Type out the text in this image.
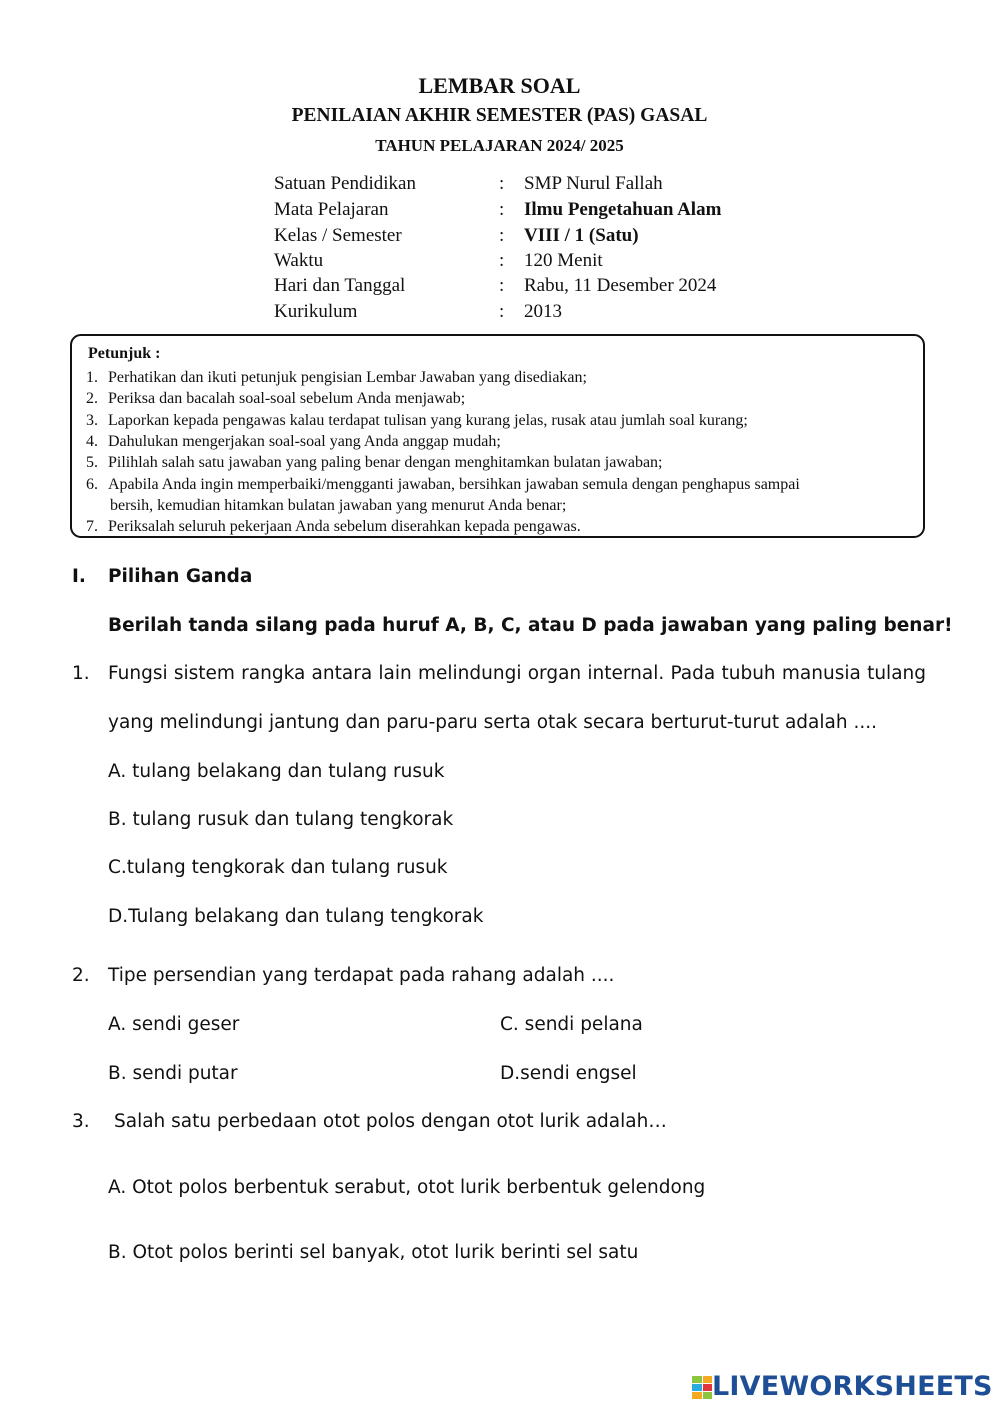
LEMBAR SOAL
PENILAIAN AKHIR SEMESTER (PAS) GASAL
TAHUN PELAJARAN 2024/ 2025
Satuan Pendidikan	: SMP Nurul Fallah
Mata Pelajaran	: Ilmu Pengetahuan Alam
Kelas / Semester	: VIII / 1 (Satu)
Waktu	: 120 Menit
Hari dan Tanggal	: Rabu, 11 Desember 2024
Kurikulum	: 2013
Petunjuk :
1. Perhatikan dan ikuti petunjuk pengisian Lembar Jawaban yang disediakan;
2. Periksa dan bacalah soal-soal sebelum Anda menjawab;
3. Laporkan kepada pengawas kalau terdapat tulisan yang kurang jelas, rusak atau jumlah soal kurang;
4. Dahulukan mengerjakan soal-soal yang Anda anggap mudah;
5. Pilihlah salah satu jawaban yang paling benar dengan menghitamkan bulatan jawaban;
6. Apabila Anda ingin memperbaiki/mengganti jawaban, bersihkan jawaban semula dengan penghapus sampai
bersih, kemudian hitamkan bulatan jawaban yang menurut Anda benar;
7. Periksalah seluruh pekerjaan Anda sebelum diserahkan kepada pengawas.
I. Pilihan Ganda
Berilah tanda silang pada huruf A, B, C, atau D pada jawaban yang paling benar!
1. Fungsi sistem rangka antara lain melindungi organ internal. Pada tubuh manusia tulang
yang melindungi jantung dan paru-paru serta otak secara berturut-turut adalah ....
A. tulang belakang dan tulang rusuk
B. tulang rusuk dan tulang tengkorak
C.tulang tengkorak dan tulang rusuk
D.Tulang belakang dan tulang tengkorak
2. Tipe persendian yang terdapat pada rahang adalah ....
A. sendi geser	C. sendi pelana
B. sendi putar	D.sendi engsel
3. Salah satu perbedaan otot polos dengan otot lurik adalah…
A. Otot polos berbentuk serabut, otot lurik berbentuk gelendong
B. Otot polos berinti sel banyak, otot lurik berinti sel satu
LIVEWORKSHEETS
